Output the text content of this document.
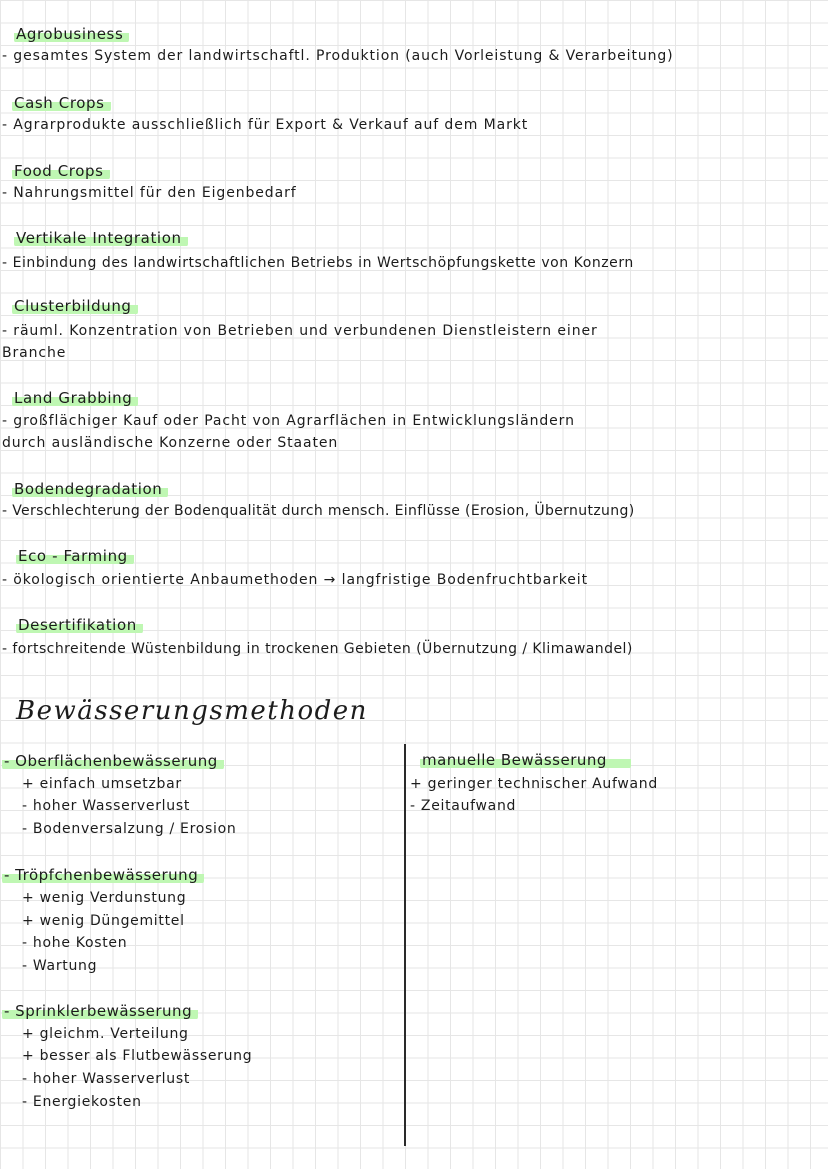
Agrobusiness
- gesamtes System der landwirtschaftl. Produktion (auch Vorleistung & Verarbeitung)
Cash Crops
- Agrarprodukte ausschließlich für Export & Verkauf auf dem Markt
Food Crops
- Nahrungsmittel für den Eigenbedarf
Vertikale Integration
- Einbindung des landwirtschaftlichen Betriebs in Wertschöpfungskette von Konzern
Clusterbildung
- räuml. Konzentration von Betrieben und verbundenen Dienstleistern einer
Branche
Land Grabbing
- großflächiger Kauf oder Pacht von Agrarflächen in Entwicklungsländern
durch ausländische Konzerne oder Staaten
Bodendegradation
- Verschlechterung der Bodenqualität durch mensch. Einflüsse (Erosion, Übernutzung)
Eco - Farming
- ökologisch orientierte Anbaumethoden → langfristige Bodenfruchtbarkeit
Desertifikation
- fortschreitende Wüstenbildung in trockenen Gebieten (Übernutzung / Klimawandel)
Bewässerungsmethoden
- Oberflächenbewässerung
+ einfach umsetzbar
- hoher Wasserverlust
- Bodenversalzung / Erosion
- Tröpfchenbewässerung
+ wenig Verdunstung
+ wenig Düngemittel
- hohe Kosten
- Wartung
- Sprinklerbewässerung
+ gleichm. Verteilung
+ besser als Flutbewässerung
- hoher Wasserverlust
- Energiekosten
manuelle Bewässerung
+ geringer technischer Aufwand
- Zeitaufwand
